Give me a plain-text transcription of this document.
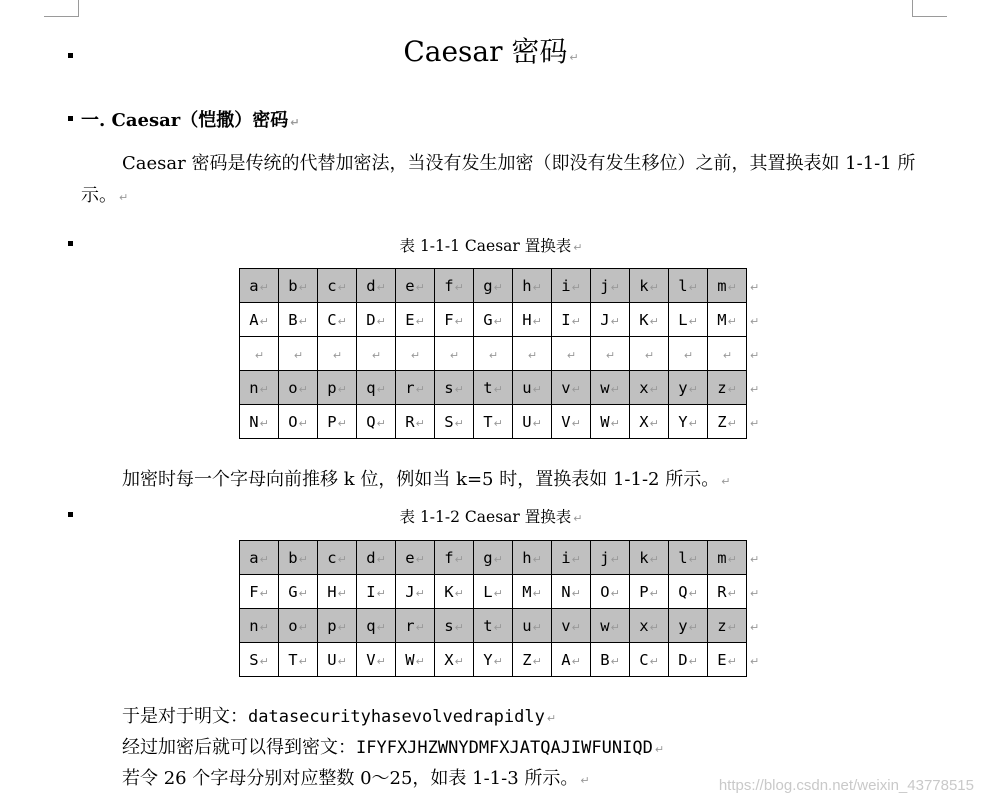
Caesar 密码 ↵
一. Caesar（恺撒）密码 ↵
Caesar 密码是传统的代替加密法，当没有发生加密（即没有发生移位）之前，其置换表如 1-1-1 所示。 ↵
表 1-1-1 Caesar 置换表 ↵
a↵	b↵	c↵	d↵	e↵	f↵	g↵	h↵	i↵	j↵	k↵	l↵	m↵	↵
A↵	B↵	C↵	D↵	E↵	F↵	G↵	H↵	I↵	J↵	K↵	L↵	M↵	↵
↵	↵	↵	↵	↵	↵	↵	↵	↵	↵	↵	↵	↵	↵
n↵	o↵	p↵	q↵	r↵	s↵	t↵	u↵	v↵	w↵	x↵	y↵	z↵	↵
N↵	O↵	P↵	Q↵	R↵	S↵	T↵	U↵	V↵	W↵	X↵	Y↵	Z↵	↵
加密时每一个字母向前推移 k 位，例如当 k=5 时，置换表如 1-1-2 所示。 ↵
表 1-1-2 Caesar 置换表 ↵
a↵	b↵	c↵	d↵	e↵	f↵	g↵	h↵	i↵	j↵	k↵	l↵	m↵	↵
F↵	G↵	H↵	I↵	J↵	K↵	L↵	M↵	N↵	O↵	P↵	Q↵	R↵	↵
n↵	o↵	p↵	q↵	r↵	s↵	t↵	u↵	v↵	w↵	x↵	y↵	z↵	↵
S↵	T↵	U↵	V↵	W↵	X↵	Y↵	Z↵	A↵	B↵	C↵	D↵	E↵	↵
于是对于明文：datasecurityhasevolvedrapidly ↵
经过加密后就可以得到密文：IFYFXJHZWNYDMFXJATQAJIWFUNIQD ↵
若令 26 个字母分别对应整数 0～25，如表 1-1-3 所示。 ↵	https://blog.csdn.net/weixin_43778515
